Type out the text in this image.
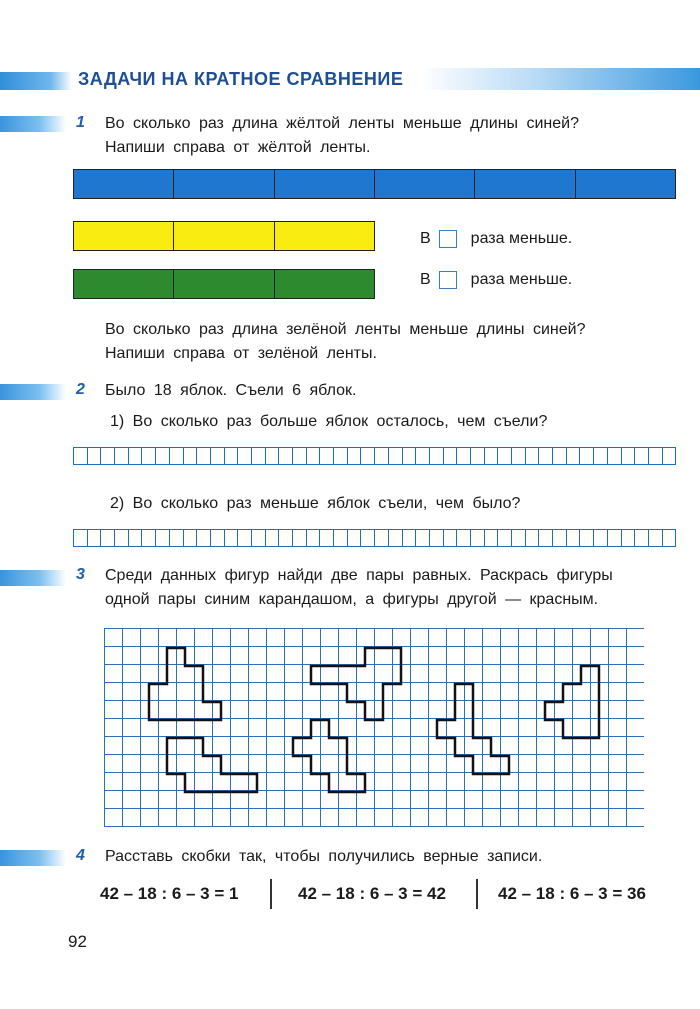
ЗАДАЧИ НА КРАТНОЕ СРАВНЕНИЕ
1 Во сколько раз длина жёлтой ленты меньше длины синей?
Напиши справа от жёлтой ленты.
В	раза меньше.
В	раза меньше.
Во сколько раз длина зелёной ленты меньше длины синей?
Напиши справа от зелёной ленты.
2 Было 18 яблок. Съели 6 яблок.
1) Во сколько раз больше яблок осталось, чем съели?
2) Во сколько раз меньше яблок съели, чем было?
3 Среди данных фигур найди две пары равных. Раскрась фигуры
одной пары синим карандашом, а фигуры другой — красным.
4 Расставь скобки так, чтобы получились верные записи.
42 – 18 : 6 – 3 = 1	42 – 18 : 6 – 3 = 42	42 – 18 : 6 – 3 = 36
92
